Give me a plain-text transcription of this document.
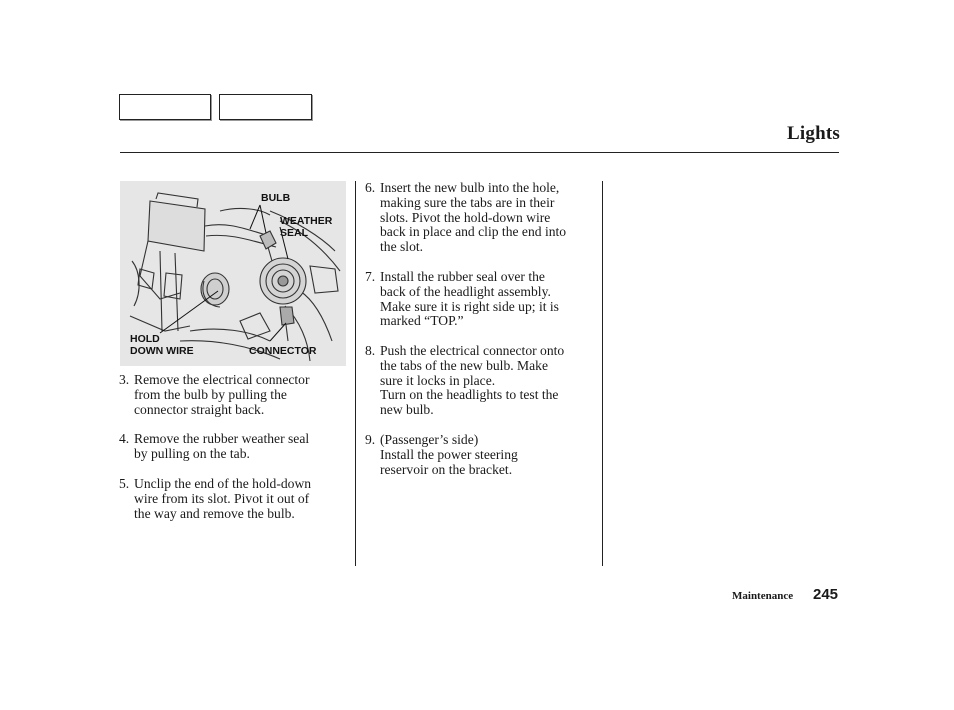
Lights
BULB
WEATHER
SEAL
HOLD
DOWN WIRE	CONNECTOR
3. Remove the electrical connector
from the bulb by pulling the
connector straight back.
4. Remove the rubber weather seal
by pulling on the tab.
5. Unclip the end of the hold-down
wire from its slot. Pivot it out of
the way and remove the bulb.
6. Insert the new bulb into the hole,
making sure the tabs are in their
slots. Pivot the hold-down wire
back in place and clip the end into
the slot.
7. Install the rubber seal over the
back of the headlight assembly.
Make sure it is right side up; it is
marked “TOP.”
8. Push the electrical connector onto
the tabs of the new bulb. Make
sure it locks in place.
Turn on the headlights to test the
new bulb.
9. (Passenger’s side)
Install the power steering
reservoir on the bracket.
Maintenance 245
